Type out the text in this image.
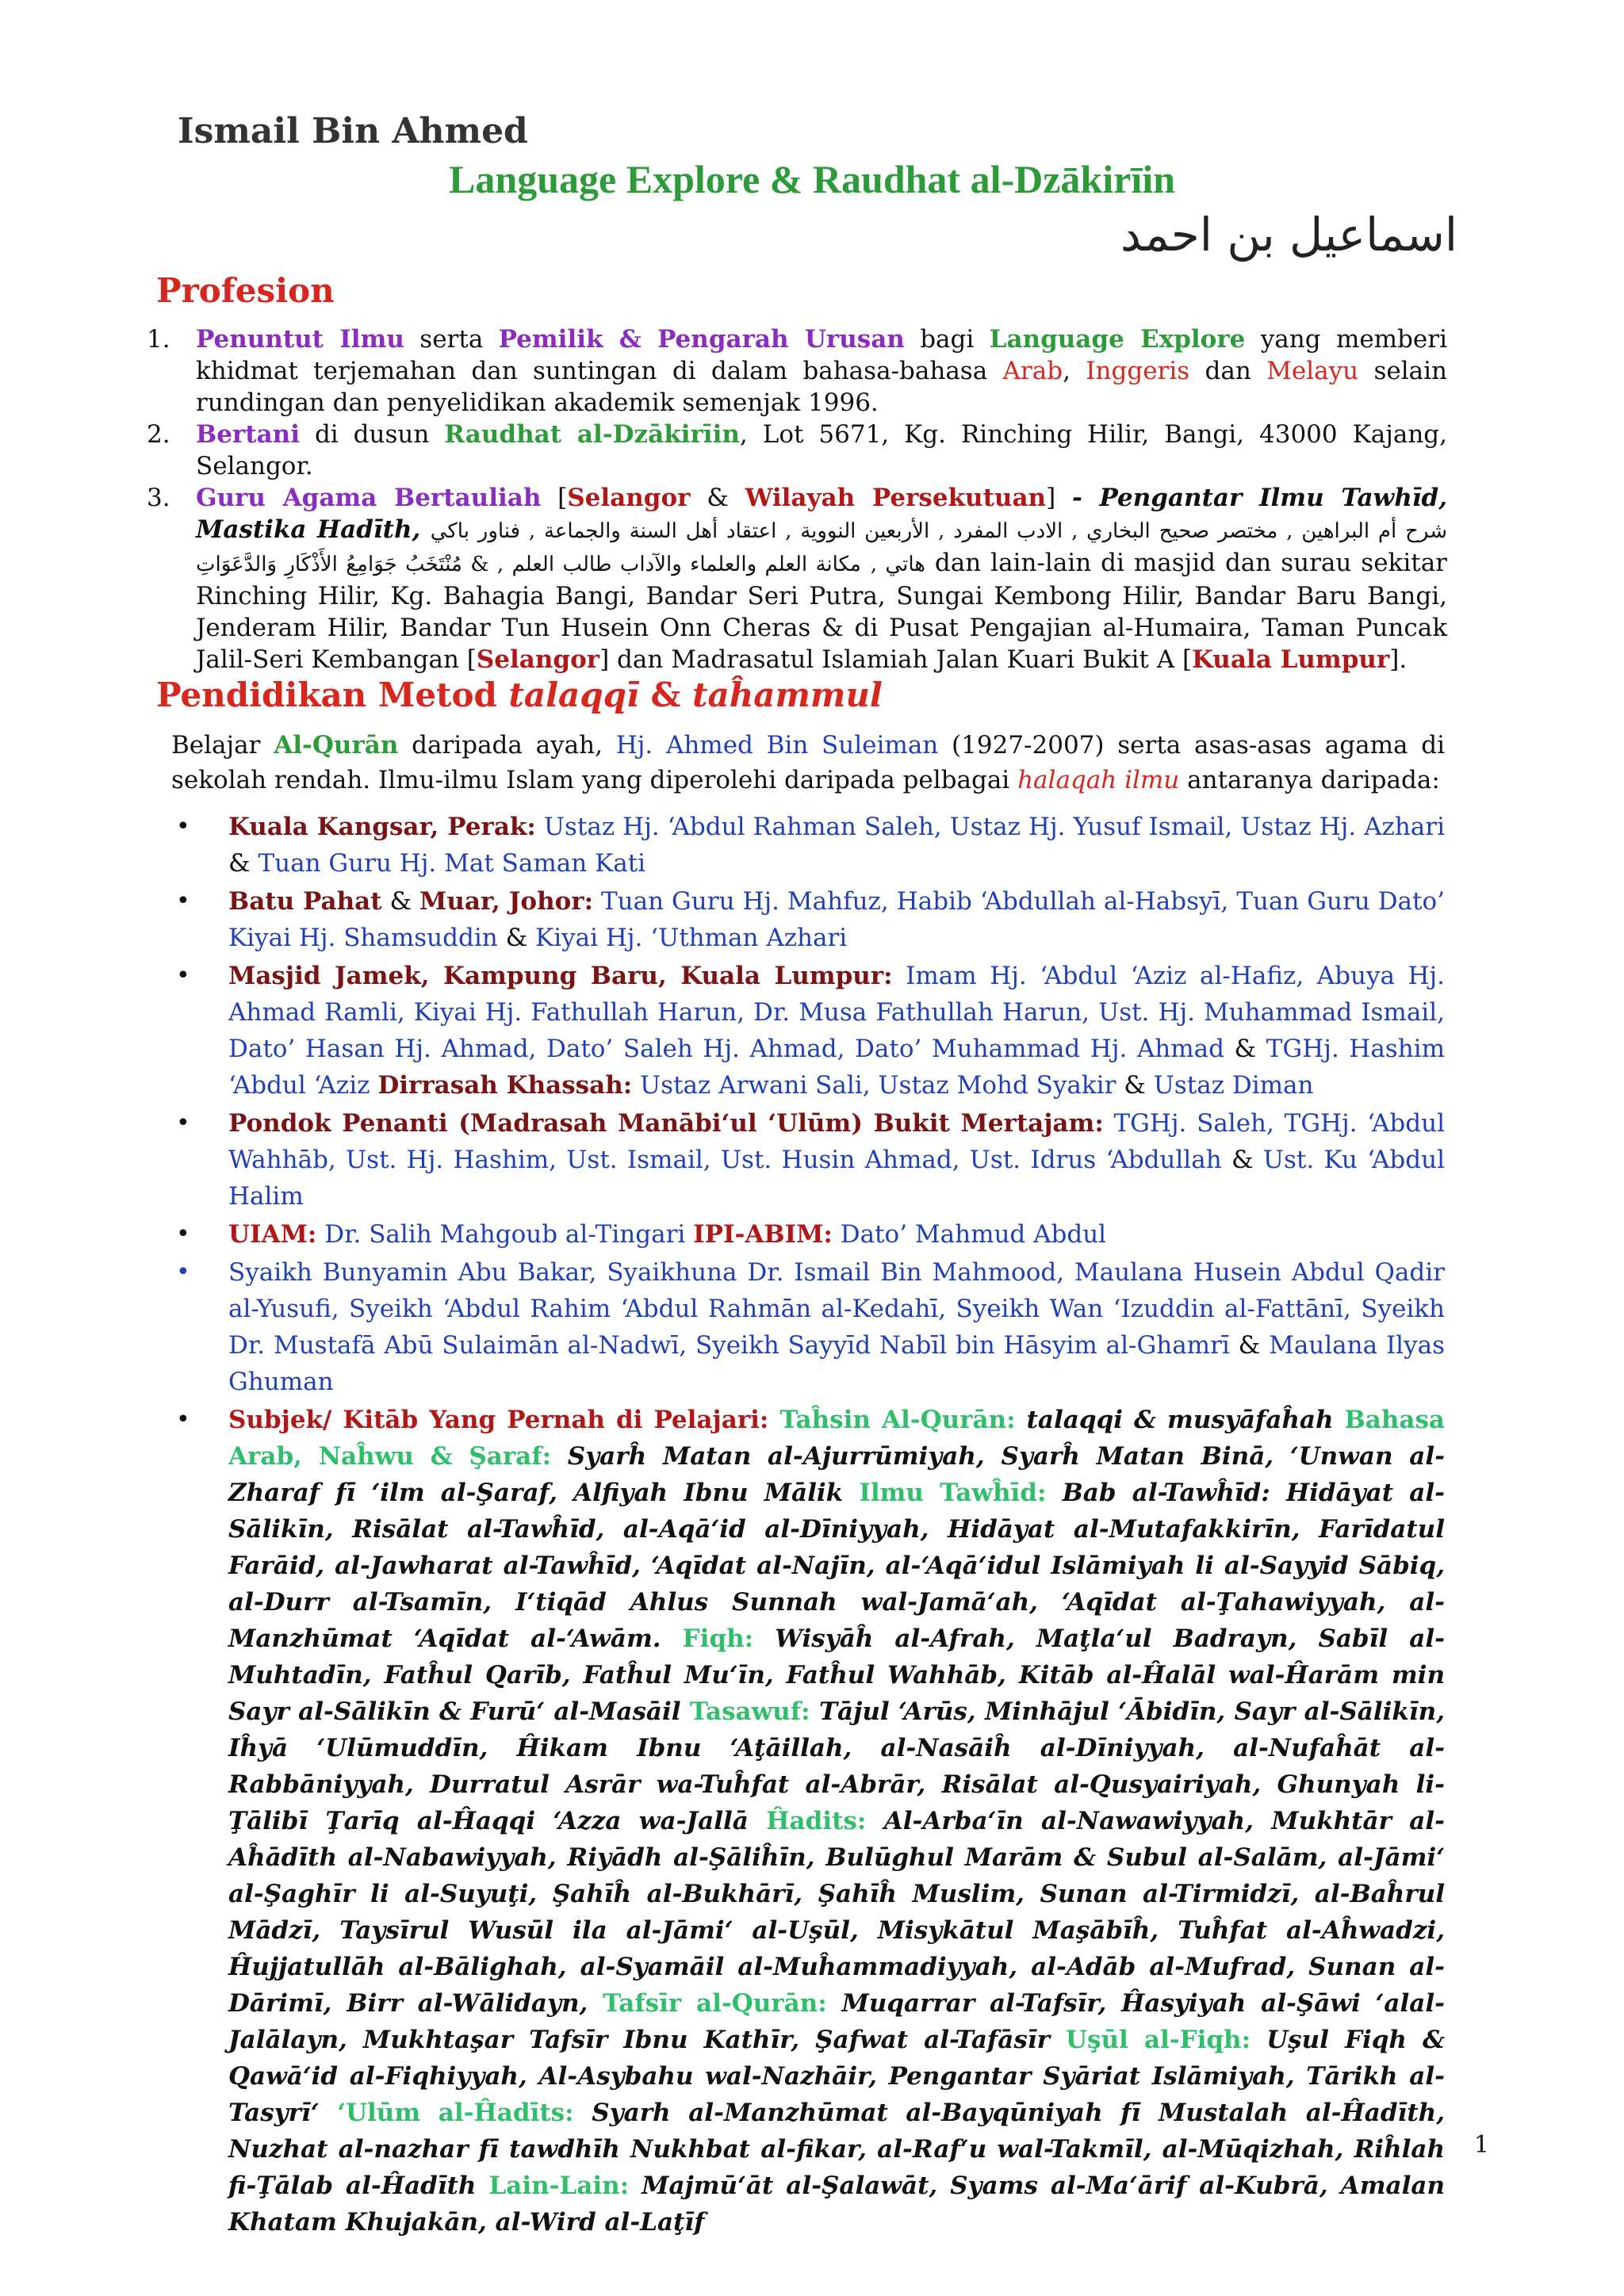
Ismail Bin Ahmed
Language Explore & Raudhat al-Dzākirīin
اسماعيل بن احمد
Profesion

1. Penuntut Ilmu serta Pemilik & Pengarah Urusan bagi Language Explore yang memberi khidmat terjemahan dan suntingan di dalam bahasa-bahasa Arab, Inggeris dan Melayu selain rundingan dan penyelidikan akademik semenjak 1996.

2. Bertani di dusun Raudhat al-Dzākirīin, Lot 5671, Kg. Rinching Hilir, Bangi, 43000 Kajang, Selangor.

3. Guru Agama Bertauliah [Selangor & Wilayah Persekutuan] - Pengantar Ilmu Tawhīd, Mastika Hadīth, شرح أم البراهين , مختصر صحيح البخاري , الادب المفرد , الأربعين النووية , اعتقاد أهل السنة والجماعة , فناور باكي هاتي , مكانة العلم والعلماء والآداب طالب العلم , & مُنْتَخَبُ جَوَامِعُ الأَذْكَارِ وَالدَّعَوَاتِ	dan lain-lain di masjid dan surau sekitar Rinching Hilir, Kg. Bahagia Bangi, Bandar Seri Putra, Sungai Kembong Hilir, Bandar Baru Bangi, Jenderam Hilir, Bandar Tun Husein Onn Cheras & di Pusat Pengajian al-Humaira, Taman Puncak Jalil-Seri Kembangan [Selangor] dan Madrasatul Islamiah Jalan Kuari Bukit A [Kuala Lumpur].

Pendidikan Metod talaqqī & taĥammul
Belajar Al-Qurān daripada ayah, Hj. Ahmed Bin Suleiman (1927-2007) serta asas-asas agama di sekolah rendah. Ilmu-ilmu Islam yang diperolehi daripada pelbagai halaqah ilmu antaranya daripada:
• Kuala Kangsar, Perak: Ustaz Hj. ‘Abdul Rahman Saleh, Ustaz Hj. Yusuf Ismail, Ustaz Hj. Azhari & Tuan Guru Hj. Mat Saman Kati
• Batu Pahat & Muar, Johor: Tuan Guru Hj. Mahfuz, Habib ‘Abdullah al-Habsyī, Tuan Guru Dato’ Kiyai Hj. Shamsuddin & Kiyai Hj. ‘Uthman Azhari
• Masjid Jamek, Kampung Baru, Kuala Lumpur: Imam Hj. ‘Abdul ‘Aziz al-Hafiz, Abuya Hj. Ahmad Ramli, Kiyai Hj. Fathullah Harun, Dr. Musa Fathullah Harun, Ust. Hj. Muhammad Ismail, Dato’ Hasan Hj. Ahmad, Dato’ Saleh Hj. Ahmad, Dato’ Muhammad Hj. Ahmad & TGHj. Hashim ‘Abdul ‘Aziz Dirrasah Khassah: Ustaz Arwani Sali, Ustaz Mohd Syakir & Ustaz Diman
• Pondok Penanti (Madrasah Manābi‘ul ‘Ulūm) Bukit Mertajam: TGHj. Saleh, TGHj. ‘Abdul Wahhāb, Ust. Hj. Hashim, Ust. Ismail, Ust. Husin Ahmad, Ust. Idrus ‘Abdullah & Ust. Ku ‘Abdul Halim
• UIAM: Dr. Salih Mahgoub al-Tingari IPI-ABIM: Dato’ Mahmud Abdul
• Syaikh Bunyamin Abu Bakar, Syaikhuna Dr. Ismail Bin Mahmood, Maulana Husein Abdul Qadir al-Yusufi, Syeikh ‘Abdul Rahim ‘Abdul Rahmān al-Kedahī, Syeikh Wan ‘Izuddin al-Fattānī, Syeikh Dr. Mustafā Abū Sulaimān al-Nadwī, Syeikh Sayyīd Nabīl bin Hāsyim al-Ghamrī & Maulana Ilyas Ghuman
• Subjek/ Kitāb Yang Pernah di Pelajari: Taĥsin Al-Qurān: talaqqi & musyāfaĥah Bahasa Arab, Naĥwu & Şaraf: Syarĥ Matan al-Ajurrūmiyah, Syarĥ Matan Binā, ‘Unwan al-Zharaf fī ‘ilm al-Şaraf, Alfiyah Ibnu Mālik Ilmu Tawĥīd: Bab al-Tawĥīd: Hidāyat al-Sālikīn, Risālat al-Tawĥīd, al-Aqā‘id al-Dīniyyah, Hidāyat al-Mutafakkirīn, Farīdatul Farāid, al-Jawharat al-Tawĥīd, ‘Aqīdat al-Najīn, al-‘Aqā‘idul Islāmiyah li al-Sayyid Sābiq, al-Durr al-Tsamīn, I‘tiqād Ahlus Sunnah wal-Jamā‘ah, ‘Aqīdat al-Ţahawiyyah, al-Manzhūmat ‘Aqīdat al-‘Awām. Fiqh: Wisyāĥ al-Afrah, Maţla‘ul Badrayn, Sabīl al-Muhtadīn, Fatĥul Qarīb, Fatĥul Mu‘īn, Fatĥul Wahhāb, Kitāb al-Ĥalāl wal-Ĥarām min Sayr al-Sālikīn & Furū‘ al-Masāil Tasawuf: Tājul ‘Arūs, Minhājul ‘Ābidīn, Sayr al-Sālikīn, Iĥyā ‘Ulūmuddīn, Ĥikam Ibnu ‘Aţāillah, al-Nasāiĥ al-Dīniyyah, al-Nufaĥāt al-Rabbāniyyah, Durratul Asrār wa-Tuĥfat al-Abrār, Risālat al-Qusyairiyah, Ghunyah li-Ţālibī Ţarīq al-Ĥaqqi ‘Azza wa-Jallā Ĥadits: Al-Arba‘īn al-Nawawiyyah, Mukhtār al-Aĥādīth al-Nabawiyyah, Riyādh al-Şāliĥīn, Bulūghul Marām & Subul al-Salām, al-Jāmi‘ al-Şaghīr li al-Suyuţi, Şahīĥ al-Bukhārī, Şahīĥ Muslim, Sunan al-Tirmidzī, al-Baĥrul Mādzī, Taysīrul Wusūl ila al-Jāmi‘ al-Uşūl, Misykātul Maşābīĥ, Tuĥfat al-Aĥwadzi, Ĥujjatullāh al-Bālighah, al-Syamāil al-Muĥammadiyyah, al-Adāb al-Mufrad, Sunan al-Dārimī, Birr al-Wālidayn, Tafsīr al-Qurān: Muqarrar al-Tafsīr, Ĥasyiyah al-Şāwi ‘alal-Jalālayn, Mukhtaşar Tafsīr Ibnu Kathīr, Şafwat al-Tafāsīr Uşūl al-Fiqh: Uşul Fiqh & Qawā‘id al-Fiqhiyyah, Al-Asybahu wal-Nazhāir, Pengantar Syāriat Islāmiyah, Tārikh al-Tasyrī‘ ‘Ulūm al-Ĥadīts: Syarh al-Manzhūmat al-Bayqūniyah fī Mustalah al-Ĥadīth, Nuzhat al-nazhar fī tawdhīh Nukhbat al-fikar, al-Raf‘u wal-Takmīl, al-Mūqizhah, Riĥlah fi-Ţālab al-Ĥadīth Lain-Lain: Majmū‘āt al-Şalawāt, Syams al-Ma‘ārif al-Kubrā, Amalan Khatam Khujakān, al-Wird al-Laţīf
1
